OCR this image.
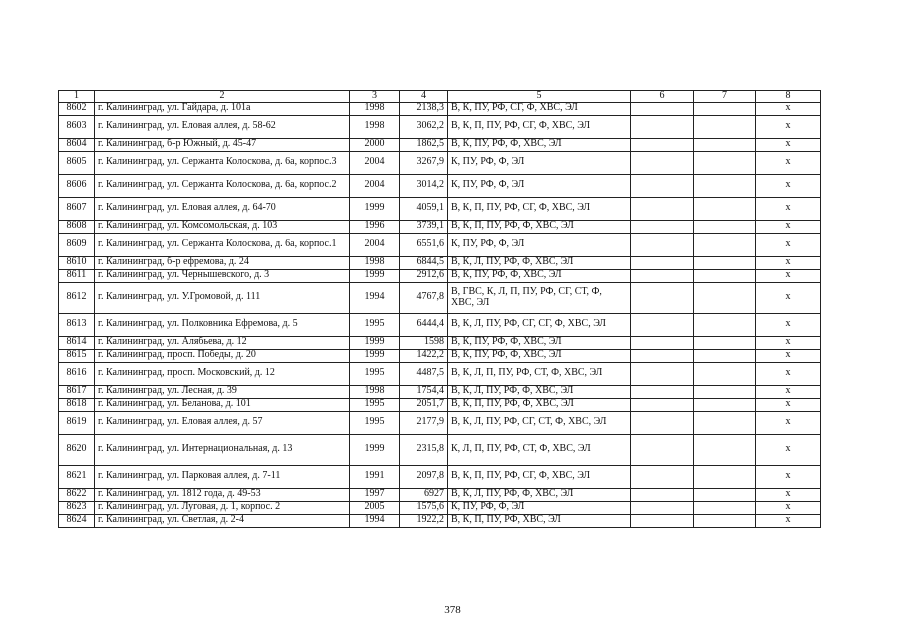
1	2	3	4	5	6	7	8
8602	г. Калининград, ул. Гайдара, д. 101а	1998	2138,3	В, К, ПУ, РФ, СГ, Ф, ХВС, ЭЛ			х
8603	г. Калининград, ул. Еловая аллея, д. 58-62	1998	3062,2	В, К, П, ПУ, РФ, СГ, Ф, ХВС, ЭЛ			х
8604	г. Калининград, б-р Южный, д. 45-47	2000	1862,5	В, К, ПУ, РФ, Ф, ХВС, ЭЛ			х
8605	г. Калининград, ул. Сержанта Колоскова, д. 6а, корпос.3	2004	3267,9	К, ПУ, РФ, Ф, ЭЛ			х
8606	г. Калининград, ул. Сержанта Колоскова, д. 6а, корпос.2	2004	3014,2	К, ПУ, РФ, Ф, ЭЛ			х
8607	г. Калининград, ул. Еловая аллея, д. 64-70	1999	4059,1	В, К, П, ПУ, РФ, СГ, Ф, ХВС, ЭЛ			х
8608	г. Калининград, ул. Комсомольская, д. 103	1996	3739,1	В, К, П, ПУ, РФ, Ф, ХВС, ЭЛ			х
8609	г. Калининград, ул. Сержанта Колоскова, д. 6а, корпос.1	2004	6551,6	К, ПУ, РФ, Ф, ЭЛ			х
8610	г. Калининград, б-р ефремова, д. 24	1998	6844,5	В, К, Л, ПУ, РФ, Ф, ХВС, ЭЛ			х
8611	г. Калининград, ул. Чернышевского, д. 3	1999	2912,6	В, К, ПУ, РФ, Ф, ХВС, ЭЛ			х
8612	г. Калининград, ул. У.Громовой, д. 111	1994	4767,8	В, ГВС, К, Л, П, ПУ, РФ, СГ, СТ, Ф, ХВС, ЭЛ			х
8613	г. Калининград, ул. Полковника Ефремова, д. 5	1995	6444,4	В, К, Л, ПУ, РФ, СГ, СГ, Ф, ХВС, ЭЛ			х
8614	г. Калининград, ул. Алябьева, д. 12	1999	1598	В, К, ПУ, РФ, Ф, ХВС, ЭЛ			х
8615	г. Калининград, просп. Победы, д. 20	1999	1422,2	В, К, ПУ, РФ, Ф, ХВС, ЭЛ			х
8616	г. Калининград, просп. Московский, д. 12	1995	4487,5	В, К, Л, П, ПУ, РФ, СТ, Ф, ХВС, ЭЛ			х
8617	г. Калининград, ул. Лесная, д. 39	1998	1754,4	В, К, Л, ПУ, РФ, Ф, ХВС, ЭЛ			х
8618	г. Калининград, ул. Беланова, д. 101	1995	2051,7	В, К, П, ПУ, РФ, Ф, ХВС, ЭЛ			х
8619	г. Калининград, ул. Еловая аллея, д. 57	1995	2177,9	В, К, Л, ПУ, РФ, СГ, СТ, Ф, ХВС, ЭЛ			х
8620	г. Калининград, ул. Интернациональная, д. 13	1999	2315,8	К, Л, П, ПУ, РФ, СТ, Ф, ХВС, ЭЛ			х
8621	г. Калининград, ул. Парковая аллея, д. 7-11	1991	2097,8	В, К, П, ПУ, РФ, СГ, Ф, ХВС, ЭЛ			х
8622	г. Калининград, ул. 1812 года, д. 49-53	1997	6927	В, К, Л, ПУ, РФ, Ф, ХВС, ЭЛ			х
8623	г. Калининград, ул. Луговая, д. 1, корпос. 2	2005	1575,6	К, ПУ, РФ, Ф, ЭЛ			х
8624	г. Калининград, ул. Светлая, д. 2-4	1994	1922,2	В, К, П, ПУ, РФ, ХВС, ЭЛ			х
378
